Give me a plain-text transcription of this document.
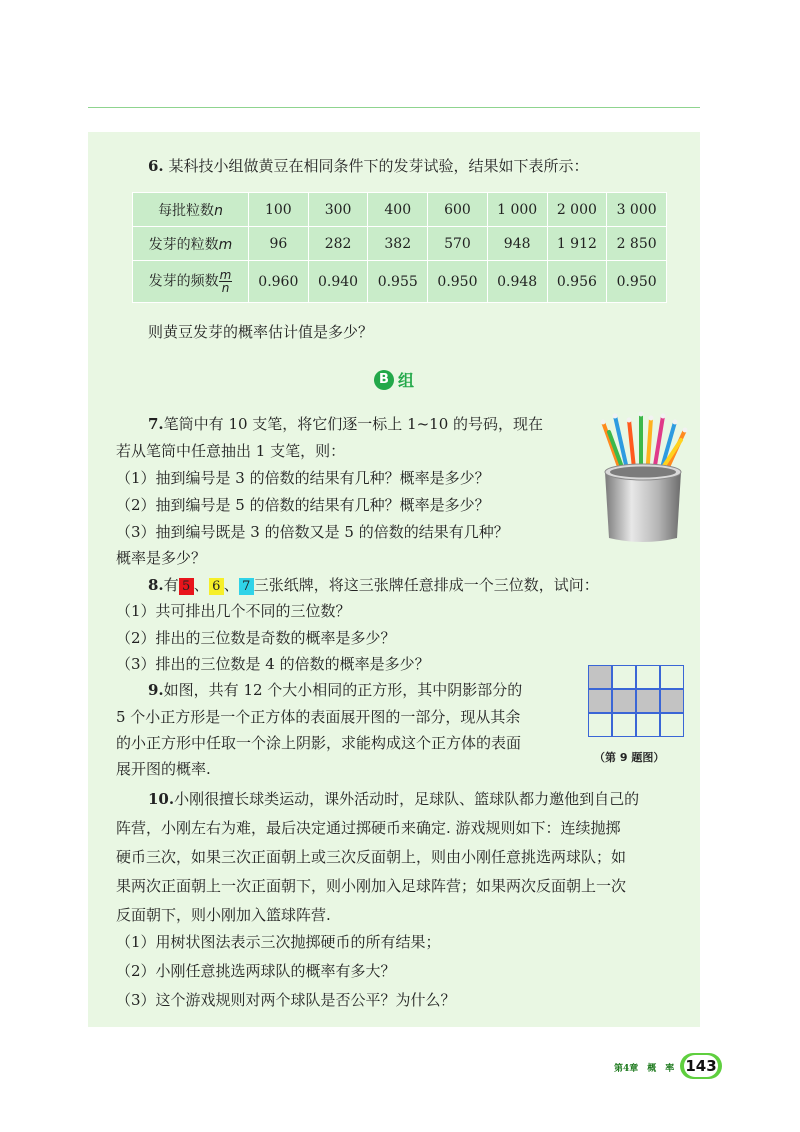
6. 某科技小组做黄豆在相同条件下的发芽试验，结果如下表所示：
每批粒数n	100	300	400	600	1 000	2 000	3 000
发芽的粒数m	96	282	382	570	948	1 912	2 850
发芽的频数 $\frac{m}{n}$	0.960	0.940	0.955	0.950	0.948	0.956	0.950
则黄豆发芽的概率估计值是多少？
B 组
7.笔筒中有 10 支笔，将它们逐一标上 1~10 的号码，现在
若从笔筒中任意抽出 1 支笔，则：
（1）抽到编号是 3 的倍数的结果有几种？概率是多少？
（2）抽到编号是 5 的倍数的结果有几种？概率是多少？
（3）抽到编号既是 3 的倍数又是 5 的倍数的结果有几种？
概率是多少？
8.有 5 、 6 、 7 三张纸牌，将这三张牌任意排成一个三位数，试问：
（1）共可排出几个不同的三位数？
（2）排出的三位数是奇数的概率是多少？
（3）排出的三位数是 4 的倍数的概率是多少？
9.如图，共有 12 个大小相同的正方形，其中阴影部分的
5 个小正方形是一个正方体的表面展开图的一部分，现从其余
的小正方形中任取一个涂上阴影，求能构成这个正方体的表面
展开图的概率.
（第 9 题图）
10.小刚很擅长球类运动，课外活动时，足球队、篮球队都力邀他到自己的
阵营，小刚左右为难，最后决定通过掷硬币来确定. 游戏规则如下：连续抛掷
硬币三次，如果三次正面朝上或三次反面朝上，则由小刚任意挑选两球队；如
果两次正面朝上一次正面朝下，则小刚加入足球阵营；如果两次反面朝上一次
反面朝下，则小刚加入篮球阵营.
（1）用树状图法表示三次抛掷硬币的所有结果；
（2）小刚任意挑选两球队的概率有多大？
（3）这个游戏规则对两个球队是否公平？为什么？
第4章　概　率 143
